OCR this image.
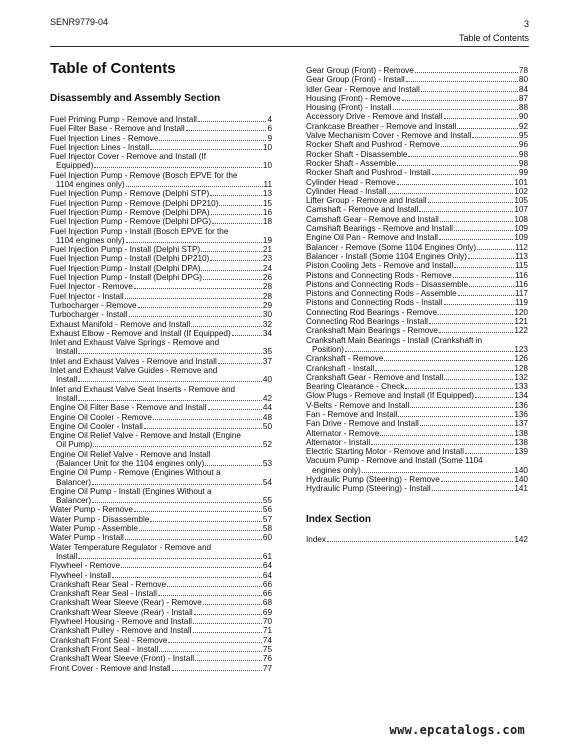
SENR9779-04	3
Table of Contents
Table of Contents
Disassembly and Assembly Section
Fuel Priming Pump - Remove and Install	4
Fuel Filter Base - Remove and Install	6
Fuel Injection Lines - Remove	9
Fuel Injection Lines - Install	10
Fuel Injector Cover - Remove and Install (If
Equipped)	10
Fuel Injection Pump - Remove (Bosch EPVE for the
1104 engines only)	11
Fuel Injection Pump - Remove (Delphi STP)	13
Fuel Injection Pump - Remove (Delphi DP210)	15
Fuel Injection Pump - Remove (Delphi DPA)	16
Fuel Injection Pump - Remove (Delphi DPG)	18
Fuel Injection Pump - Install (Bosch EPVE for the
1104 engines only)	19
Fuel Injection Pump - Install (Delphi STP)	21
Fuel Injection Pump - Install (Delphi DP210)	23
Fuel Injection Pump - Install (Delphi DPA)	24
Fuel Injection Pump - Install (Delphi DPG)	26
Fuel Injector - Remove	28
Fuel Injector - Install	28
Turbocharger - Remove	29
Turbocharger - Install	30
Exhaust Manifold - Remove and Install	32
Exhaust Elbow - Remove and Install (If Equipped)	34
Inlet and Exhaust Valve Springs - Remove and
Install	35
Inlet and Exhaust Valves - Remove and Install	37
Inlet and Exhaust Valve Guides - Remove and
Install	40
Inlet and Exhaust Valve Seat Inserts - Remove and
Install	42
Engine Oil Filter Base - Remove and Install	44
Engine Oil Cooler - Remove	48
Engine Oil Cooler - Install	50
Engine Oil Relief Valve - Remove and Install (Engine
Oil Pump)	52
Engine Oil Relief Valve - Remove and Install
(Balancer Unit for the 1104 engines only)	53
Engine Oil Pump - Remove (Engines Without a
Balancer)	54
Engine Oil Pump - Install (Engines Without a
Balancer)	55
Water Pump - Remove	56
Water Pump - Disassemble	57
Water Pump - Assemble	58
Water Pump - Install	60
Water Temperature Regulator - Remove and
Install	61
Flywheel - Remove	64
Flywheel - Install	64
Crankshaft Rear Seal - Remove	66
Crankshaft Rear Seal - Install	66
Crankshaft Wear Sleeve (Rear) - Remove	68
Crankshaft Wear Sleeve (Rear) - Install	69
Flywheel Housing - Remove and Install	70
Crankshaft Pulley - Remove and Install	71
Crankshaft Front Seal - Remove	74
Crankshaft Front Seal - Install	75
Crankshaft Wear Sleeve (Front) - Install	76
Front Cover - Remove and Install	77
Gear Group (Front) - Remove	78
Gear Group (Front) - Install	80
Idler Gear - Remove and Install	84
Housing (Front) - Remove	87
Housing (Front) - Install	88
Accessory Drive - Remove and Install	90
Crankcase Breather - Remove and Install	92
Valve Mechanism Cover - Remove and Install	95
Rocker Shaft and Pushrod - Remove	96
Rocker Shaft - Disassemble	98
Rocker Shaft - Assemble	98
Rocker Shaft and Pushrod - Install	99
Cylinder Head - Remove	101
Cylinder Head - Install	102
Lifter Group - Remove and Install	105
Camshaft - Remove and Install	107
Camshaft Gear - Remove and Install	108
Camshaft Bearings - Remove and Install	109
Engine Oil Pan - Remove and Install	109
Balancer - Remove (Some 1104 Engines Only)	112
Balancer - Install (Some 1104 Engines Only)	113
Piston Cooling Jets - Remove and Install	115
Pistons and Connecting Rods - Remove	116
Pistons and Connecting Rods - Disassemble	116
Pistons and Connecting Rods - Assemble	117
Pistons and Connecting Rods - Install	119
Connecting Rod Bearings - Remove	120
Connecting Rod Bearings - Install	121
Crankshaft Main Bearings - Remove	122
Crankshaft Main Bearings - Install (Crankshaft in
Position)	123
Crankshaft - Remove	126
Crankshaft - Install	128
Crankshaft Gear - Remove and Install	132
Bearing Clearance - Check	133
Glow Plugs - Remove and Install (If Equipped)	134
V-Belts - Remove and Install	136
Fan - Remove and Install	136
Fan Drive - Remove and Install	137
Alternator - Remove	138
Alternator - Install	138
Electric Starting Motor - Remove and Install	139
Vacuum Pump - Remove and Install (Some 1104
engines only)	140
Hydraulic Pump (Steering) - Remove	140
Hydraulic Pump (Steering) - Install	141
Index Section
Index	142
www.epcatalogs.com
